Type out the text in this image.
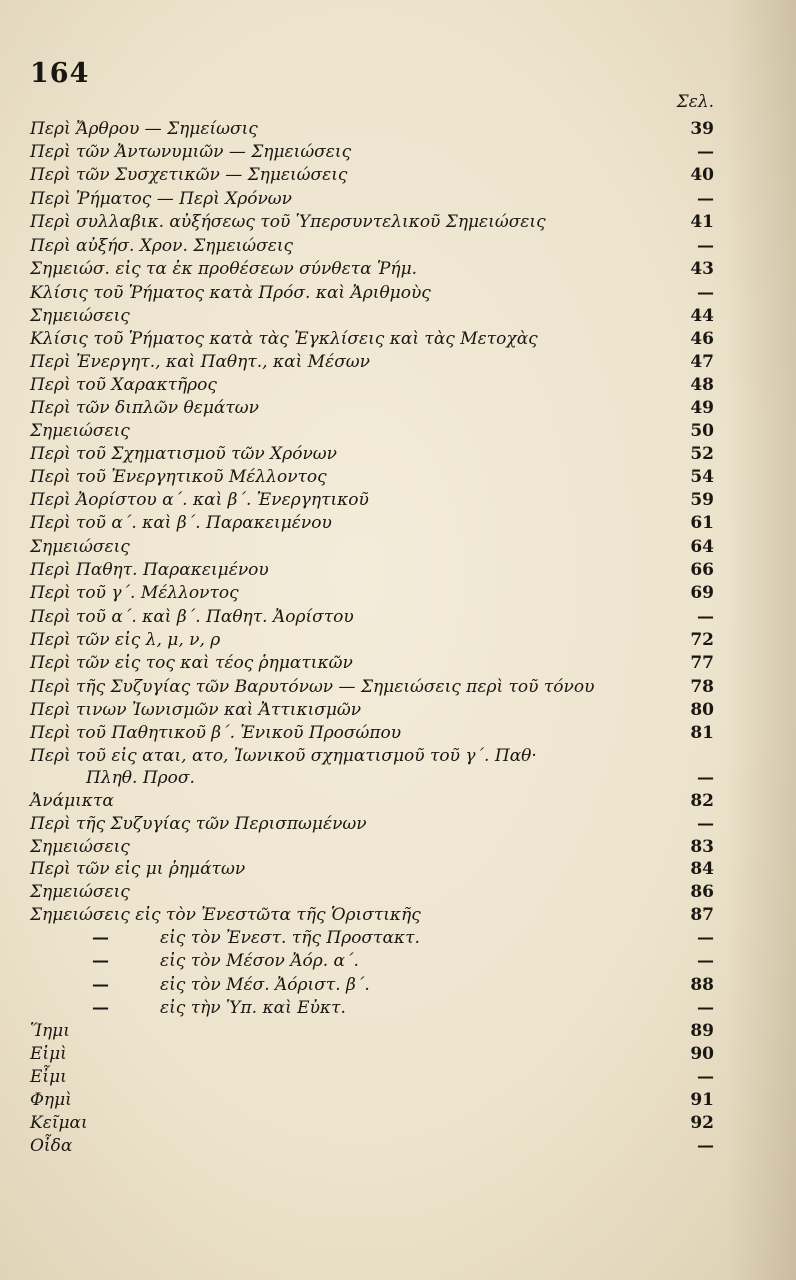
164
Σελ.
Περὶ Ἄρθρου — Σημείωσις	39
Περὶ τῶν Ἀντωνυμιῶν — Σημειώσεις	—
Περὶ τῶν Συσχετικῶν — Σημειώσεις	40
Περὶ Ῥήματος — Περὶ Χρόνων	—
Περὶ συλλαβικ. αὐξήσεως τοῦ Ὑπερσυντελικοῦ Σημειώσεις	41
Περὶ αὐξήσ. Χρον. Σημειώσεις	—
Σημειώσ. εἰς τα ἐκ προθέσεων σύνθετα Ῥήμ.	43
Κλίσις τοῦ Ῥήματος κατὰ Πρόσ. καὶ Ἀριθμοὺς	—
Σημειώσεις	44
Κλίσις τοῦ Ῥήματος κατὰ τὰς Ἐγκλίσεις καὶ τὰς Μετοχὰς	46
Περὶ Ἐνεργητ., καὶ Παθητ., καὶ Μέσων	47
Περὶ τοῦ Χαρακτῆρος	48
Περὶ τῶν διπλῶν θεμάτων	49
Σημειώσεις	50
Περὶ τοῦ Σχηματισμοῦ τῶν Χρόνων	52
Περὶ τοῦ Ἐνεργητικοῦ Μέλλοντος	54
Περὶ Ἀορίστου α΄. καὶ β΄. Ἐνεργητικοῦ	59
Περὶ τοῦ α΄. καὶ β΄. Παρακειμένου	61
Σημειώσεις	64
Περὶ Παθητ. Παρακειμένου	66
Περὶ τοῦ γ΄. Μέλλοντος	69
Περὶ τοῦ α΄. καὶ β΄. Παθητ. Ἀορίστου	—
Περὶ τῶν εἰς λ, μ, ν, ρ	72
Περὶ τῶν εἰς τος καὶ τέος ῥηματικῶν	77
Περὶ τῆς Συζυγίας τῶν Βαρυτόνων — Σημειώσεις περὶ τοῦ τόνου	78
Περὶ τινων Ἰωνισμῶν καὶ Ἀττικισμῶν	80
Περὶ τοῦ Παθητικοῦ β΄. Ἑνικοῦ Προσώπου	81
Περὶ τοῦ εἰς αται, ατο, Ἰωνικοῦ σχηματισμοῦ τοῦ γ΄. Παθ·
Πληθ. Προσ.	—
Ἀνάμικτα	82
Περὶ τῆς Συζυγίας τῶν Περισπωμένων	—
Σημειώσεις	83
Περὶ τῶν εἰς μι ῥημάτων	84
Σημειώσεις	86
Σημειώσεις εἰς τὸν Ἐνεστῶτα τῆς Ὁριστικῆς	87
—	εἰς τὸν Ἐνεστ. τῆς Προστακτ.	—
—	εἰς τὸν Μέσον Ἀόρ. α΄.	—
—	εἰς τὸν Μέσ. Ἀόριστ. β΄.	88
—	εἰς τὴν Ὑπ. καὶ Εὐκτ.	—
Ἵημι	89
Εἰμὶ	90
Εἶμι	—
Φημὶ	91
Κεῖμαι	92
Οἶδα	—
